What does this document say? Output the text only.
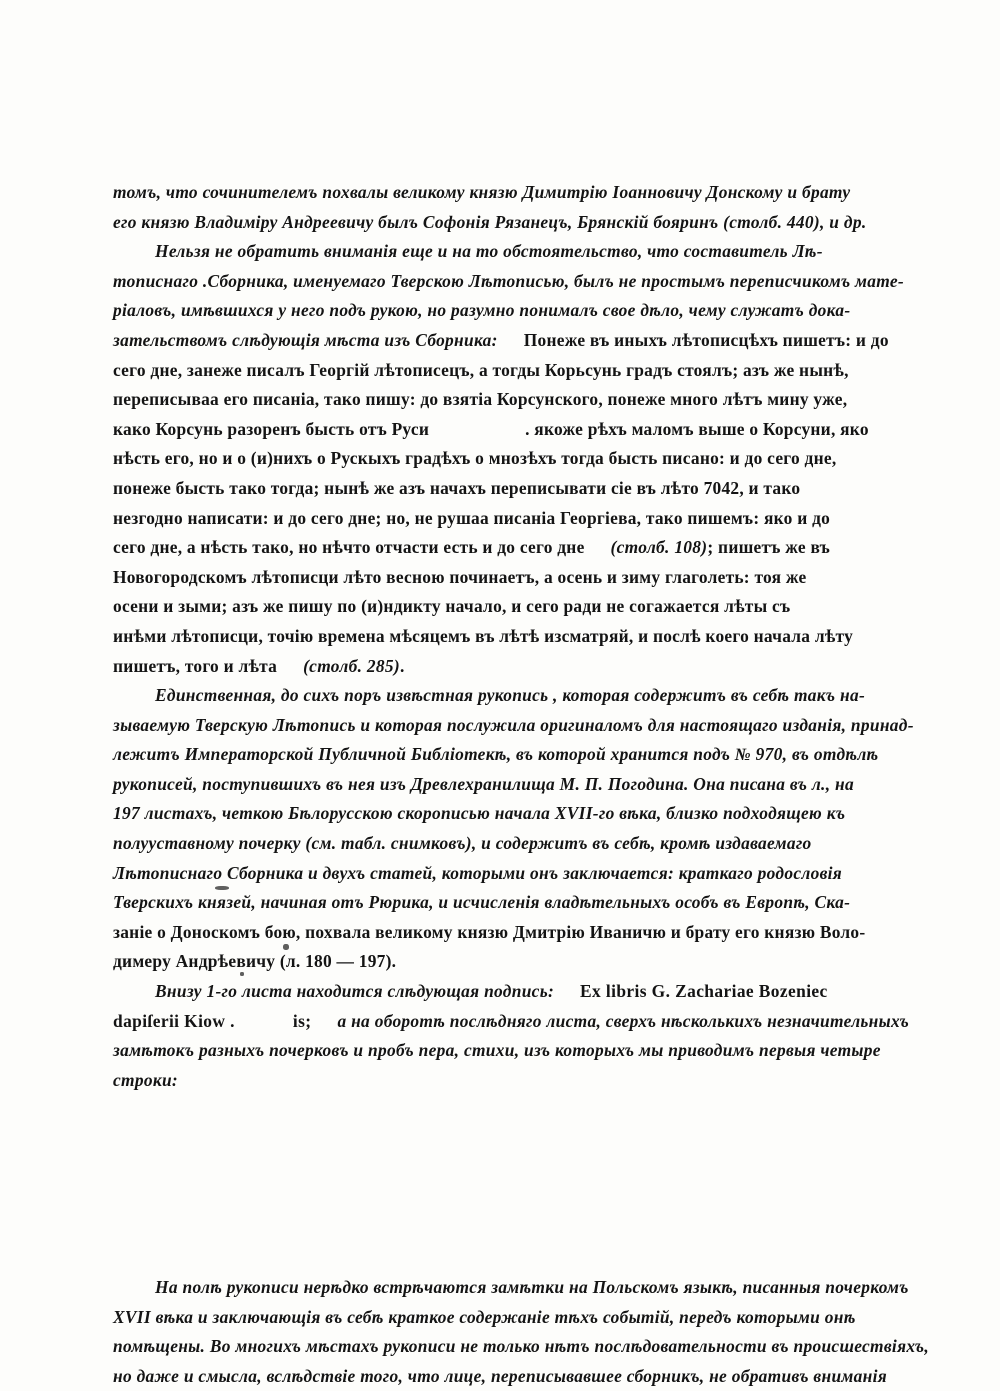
томъ, что сочинителемъ похвалы великому князю Димитрію Іоанновичу Донскому и брату
его князю Владиміру Андреевичу былъ Софонія Рязанецъ, Брянскій бояринъ (столб. 440), и др.
Нельзя не обратить вниманія еще и на то обстоятельство, что составитель Лѣ-
тописнаго .Сборника, именуемаго Тверскою Лѣтописью, былъ не простымъ переписчикомъ мате-
ріаловъ, имѣвшихся у него подъ рукою, но разумно понималъ свое дѣло, чему служатъ дока-
зательствомъ слѣдующія мѣста изъ Сборника: Понеже въ иныхъ лѣтописцѣхъ пишетъ: и до
сего дне, занеже писалъ Георгій лѣтописецъ, а тогды Корьсунь градъ стоялъ; азъ же нынѣ,
переписываа его писаніа, тако пишу: до взятіа Корсунского, понеже много лѣтъ мину уже,
како Корсунь разоренъ бысть отъ Руси	. якоже рѣхъ маломъ выше о Корсуни, яко
нѣсть его, но и о (и)нихъ о Рускыхъ градѣхъ о мнозѣхъ тогда бысть писано: и до сего дне,
понеже бысть тако тогда; нынѣ же азъ начахъ переписывати сіе въ лѣто 7042, и тако
незгодно написати: и до сего дне; но, не рушаа писаніа Георгіева, тако пишемъ: яко и до
сего дне, а нѣсть тако, но нѣчто отчасти есть и до сего дне (столб. 108); пишетъ же въ
Новогородскомъ лѣтописци лѣто весною починаетъ, а осень и зиму глаголеть: тоя же
осени и зыми; азъ же пишу по (и)ндикту начало, и сего ради не согажается лѣты съ
инѣми лѣтописци, точію времена мѣсяцемъ въ лѣтѣ изсматряй, и послѣ коего начала лѣту
пишетъ, того и лѣта (столб. 285).
Единственная, до сихъ поръ извѣстная рукопись , которая содержитъ въ себѣ такъ на-
зываемую Тверскую Лѣтопись и которая послужила оригиналомъ для настоящаго изданія, принад-
лежитъ Императорской Публичной Библіотекѣ, въ которой хранится подъ № 970, въ отдѣлѣ
рукописей, поступившихъ въ нея изъ Древлехранилища М. П. Погодина. Она писана въ л., на
197 листахъ, четкою Бѣлорусскою скорописью начала XVII-го вѣка, близко подходящею къ
полууставному почерку (см. табл. снимковъ), и содержитъ въ себѣ, кромѣ издаваемаго
Лѣтописнаго Сборника и двухъ статей, которыми онъ заключается: краткаго родословія
Тверскихъ князей, начиная отъ Рюрика, и исчисленія владѣтельныхъ особъ въ Европѣ, Ска-
заніе о Доноскомъ бою, похвала великому князю Дмитрію Иваничю и брату его князю Воло-
димеру Андрѣевичу (л. 180 — 197).
Внизу 1-го листа находится слѣдующая подпись: Ex libris G. Zachariae Bozeniec
dapiſerii Kiow .	is; а на оборотѣ послѣдняго листа, сверхъ нѣсколькихъ незначительныхъ
замѣтокъ разныхъ почерковъ и пробъ пера, стихи, изъ которыхъ мы приводимъ первыя четыре
строки:

На полѣ рукописи нерѣдко встрѣчаются замѣтки на Польскомъ языкѣ, писанныя почеркомъ
XVII вѣка и заключающія въ себѣ краткое содержаніе тѣхъ событій, передъ которыми онѣ
помѣщены. Во многихъ мѣстахъ рукописи не только нѣтъ послѣдовательности въ происшествіяхъ,
но даже и смысла, вслѣдствіе того, что лице, переписывавшее сборникъ, не обративъ вниманія
